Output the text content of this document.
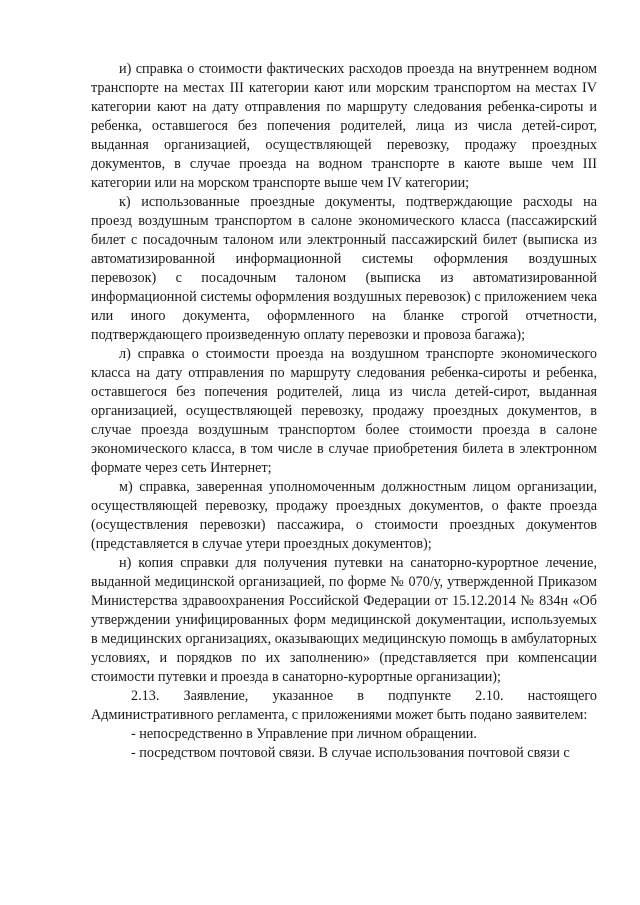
и) справка о стоимости фактических расходов проезда на внутреннем водном транспорте на местах III категории кают или морским транспортом на местах IV категории кают на дату отправления по маршруту следования ребенка-сироты и ребенка, оставшегося без попечения родителей, лица из числа детей-сирот, выданная организацией, осуществляющей перевозку, продажу проездных документов, в случае проезда на водном транспорте в каюте выше чем III категории или на морском транспорте выше чем IV категории;

к) использованные проездные документы, подтверждающие расходы на проезд воздушным транспортом в салоне экономического класса (пассажирский билет с посадочным талоном или электронный пассажирский билет (выписка из автоматизированной информационной системы оформления воздушных перевозок) с посадочным талоном (выписка из автоматизированной информационной системы оформления воздушных перевозок) с приложением чека или иного документа, оформленного на бланке строгой отчетности, подтверждающего произведенную оплату перевозки и провоза багажа);

л) справка о стоимости проезда на воздушном транспорте экономического класса на дату отправления по маршруту следования ребенка-сироты и ребенка, оставшегося без попечения родителей, лица из числа детей-сирот, выданная организацией, осуществляющей перевозку, продажу проездных документов, в случае проезда воздушным транспортом более стоимости проезда в салоне экономического класса, в том числе в случае приобретения билета в электронном формате через сеть Интернет;

м) справка, заверенная уполномоченным должностным лицом организации, осуществляющей перевозку, продажу проездных документов, о факте проезда (осуществления перевозки) пассажира, о стоимости проездных документов (представляется в случае утери проездных документов);

н) копия справки для получения путевки на санаторно-курортное лечение, выданной медицинской организацией, по форме № 070/у, утвержденной Приказом Министерства здравоохранения Российской Федерации от 15.12.2014 № 834н «Об утверждении унифицированных форм медицинской документации, используемых в медицинских организациях, оказывающих медицинскую помощь в амбулаторных условиях, и порядков по их заполнению» (представляется при компенсации стоимости путевки и проезда в санаторно-курортные организации);

2.13. Заявление, указанное в подпункте 2.10. настоящего Административного регламента, с приложениями может быть подано заявителем:

- непосредственно в Управление при личном обращении.

- посредством почтовой связи. В случае использования почтовой связи с
